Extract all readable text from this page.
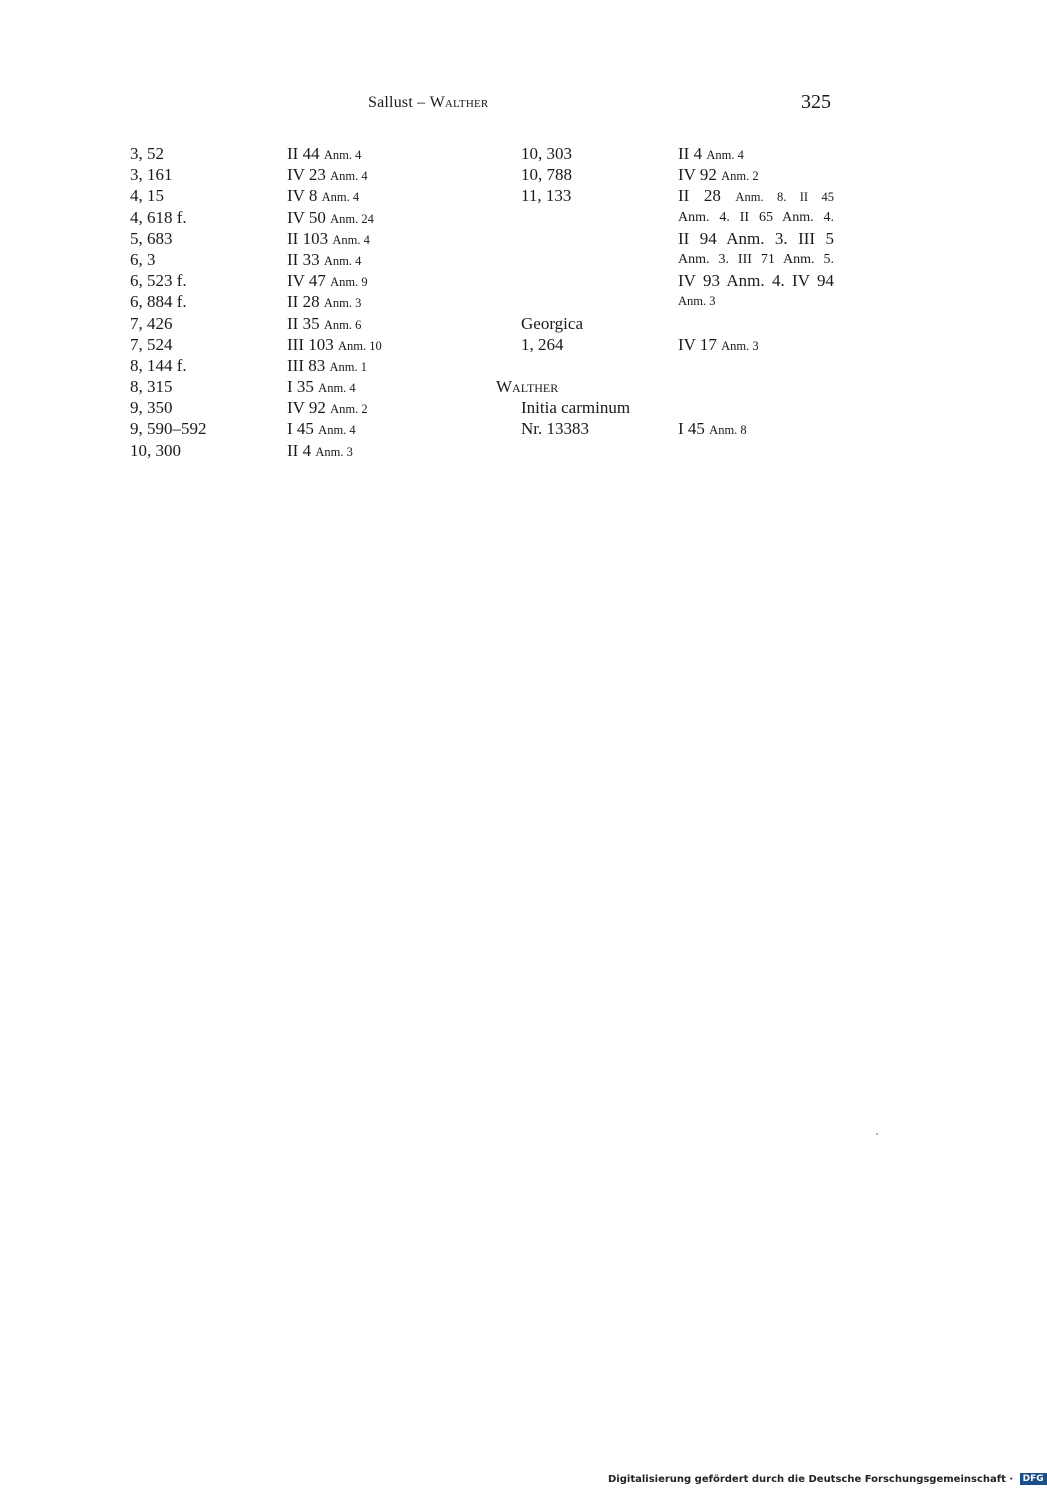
Sallust – Walther	325
3, 52
3, 161
4, 15
4, 618 f.
5, 683
6, 3
6, 523 f.
6, 884 f.
7, 426
7, 524
8, 144 f.
8, 315
9, 350
9, 590–592
10, 300
II 44 Anm. 4
IV 23 Anm. 4
IV 8 Anm. 4
IV 50 Anm. 24
II 103 Anm. 4
II 33 Anm. 4
IV 47 Anm. 9
II 28 Anm. 3
II 35 Anm. 6
III 103 Anm. 10
III 83 Anm. 1
I 35 Anm. 4
IV 92 Anm. 2
I 45 Anm. 4
II 4 Anm. 3
10, 303
10, 788
11, 133
Georgica
1, 264
Walther
Initia carminum
Nr. 13383
II 4 Anm. 4
IV 92 Anm. 2
II 28 Anm. 8. II 45
Anm. 4. II 65 Anm. 4.
II 94 Anm. 3. III 5
Anm. 3. III 71 Anm. 5.
IV 93 Anm. 4. IV 94
Anm. 3
IV 17 Anm. 3
I 45 Anm. 8
Digitalisierung gefördert durch die Deutsche Forschungsgemeinschaft · DFG
